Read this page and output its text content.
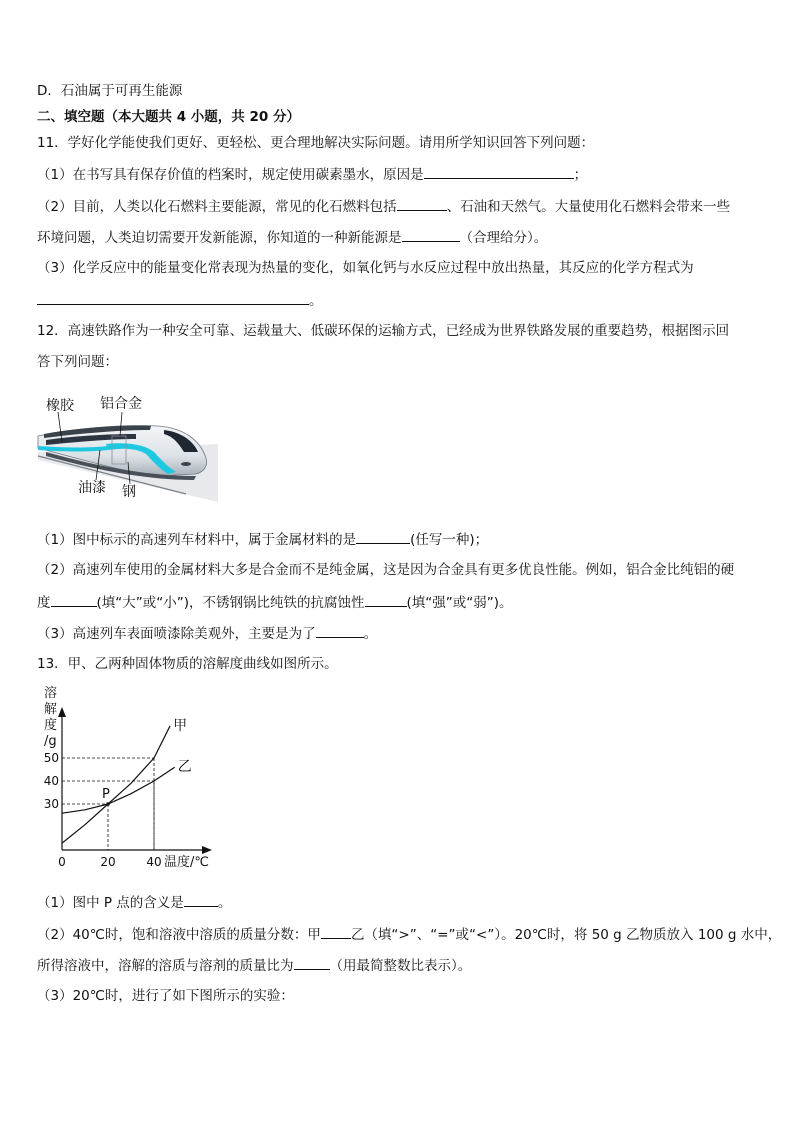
D．石油属于可再生能源
二、填空题（本大题共 4 小题，共 20 分）
11．学好化学能使我们更好、更轻松、更合理地解决实际问题。请用所学知识回答下列问题：
（1）在书写具有保存价值的档案时，规定使用碳素墨水，原因是	；
（2）目前，人类以化石燃料主要能源，常见的化石燃料包括	、石油和天然气。大量使用化石燃料会带来一些
环境问题，人类迫切需要开发新能源，你知道的一种新能源是	（合理给分）。
（3）化学反应中的能量变化常表现为热量的变化，如氧化钙与水反应过程中放出热量，其反应的化学方程式为
。
12．高速铁路作为一种安全可靠、运载量大、低碳环保的运输方式，已经成为世界铁路发展的重要趋势，根据图示回
答下列问题：
橡胶 铝合金
油漆 钢
（1）图中标示的高速列车材料中，属于金属材料的是	(任写一种)；
（2）高速列车使用的金属材料大多是合金而不是纯金属，这是因为合金具有更多优良性能。例如，铝合金比纯铝的硬
度	(填“大”或“小”)，不锈钢锅比纯铁的抗腐蚀性	(填“强”或“弱”)。
（3）高速列车表面喷漆除美观外，主要是为了	。
13．甲、乙两种固体物质的溶解度曲线如图所示。
甲
乙
P
0	20	40
30
40
50
溶
解
度
/g
温度/℃
（1）图中 P 点的含义是	。
（2）40℃时，饱和溶液中溶质的质量分数：甲 乙（填“>”、“=”或“<”）。20℃时，将 50 g 乙物质放入 100 g 水中，
所得溶液中，溶解的溶质与溶剂的质量比为	（用最简整数比表示）。
（3）20℃时，进行了如下图所示的实验：
